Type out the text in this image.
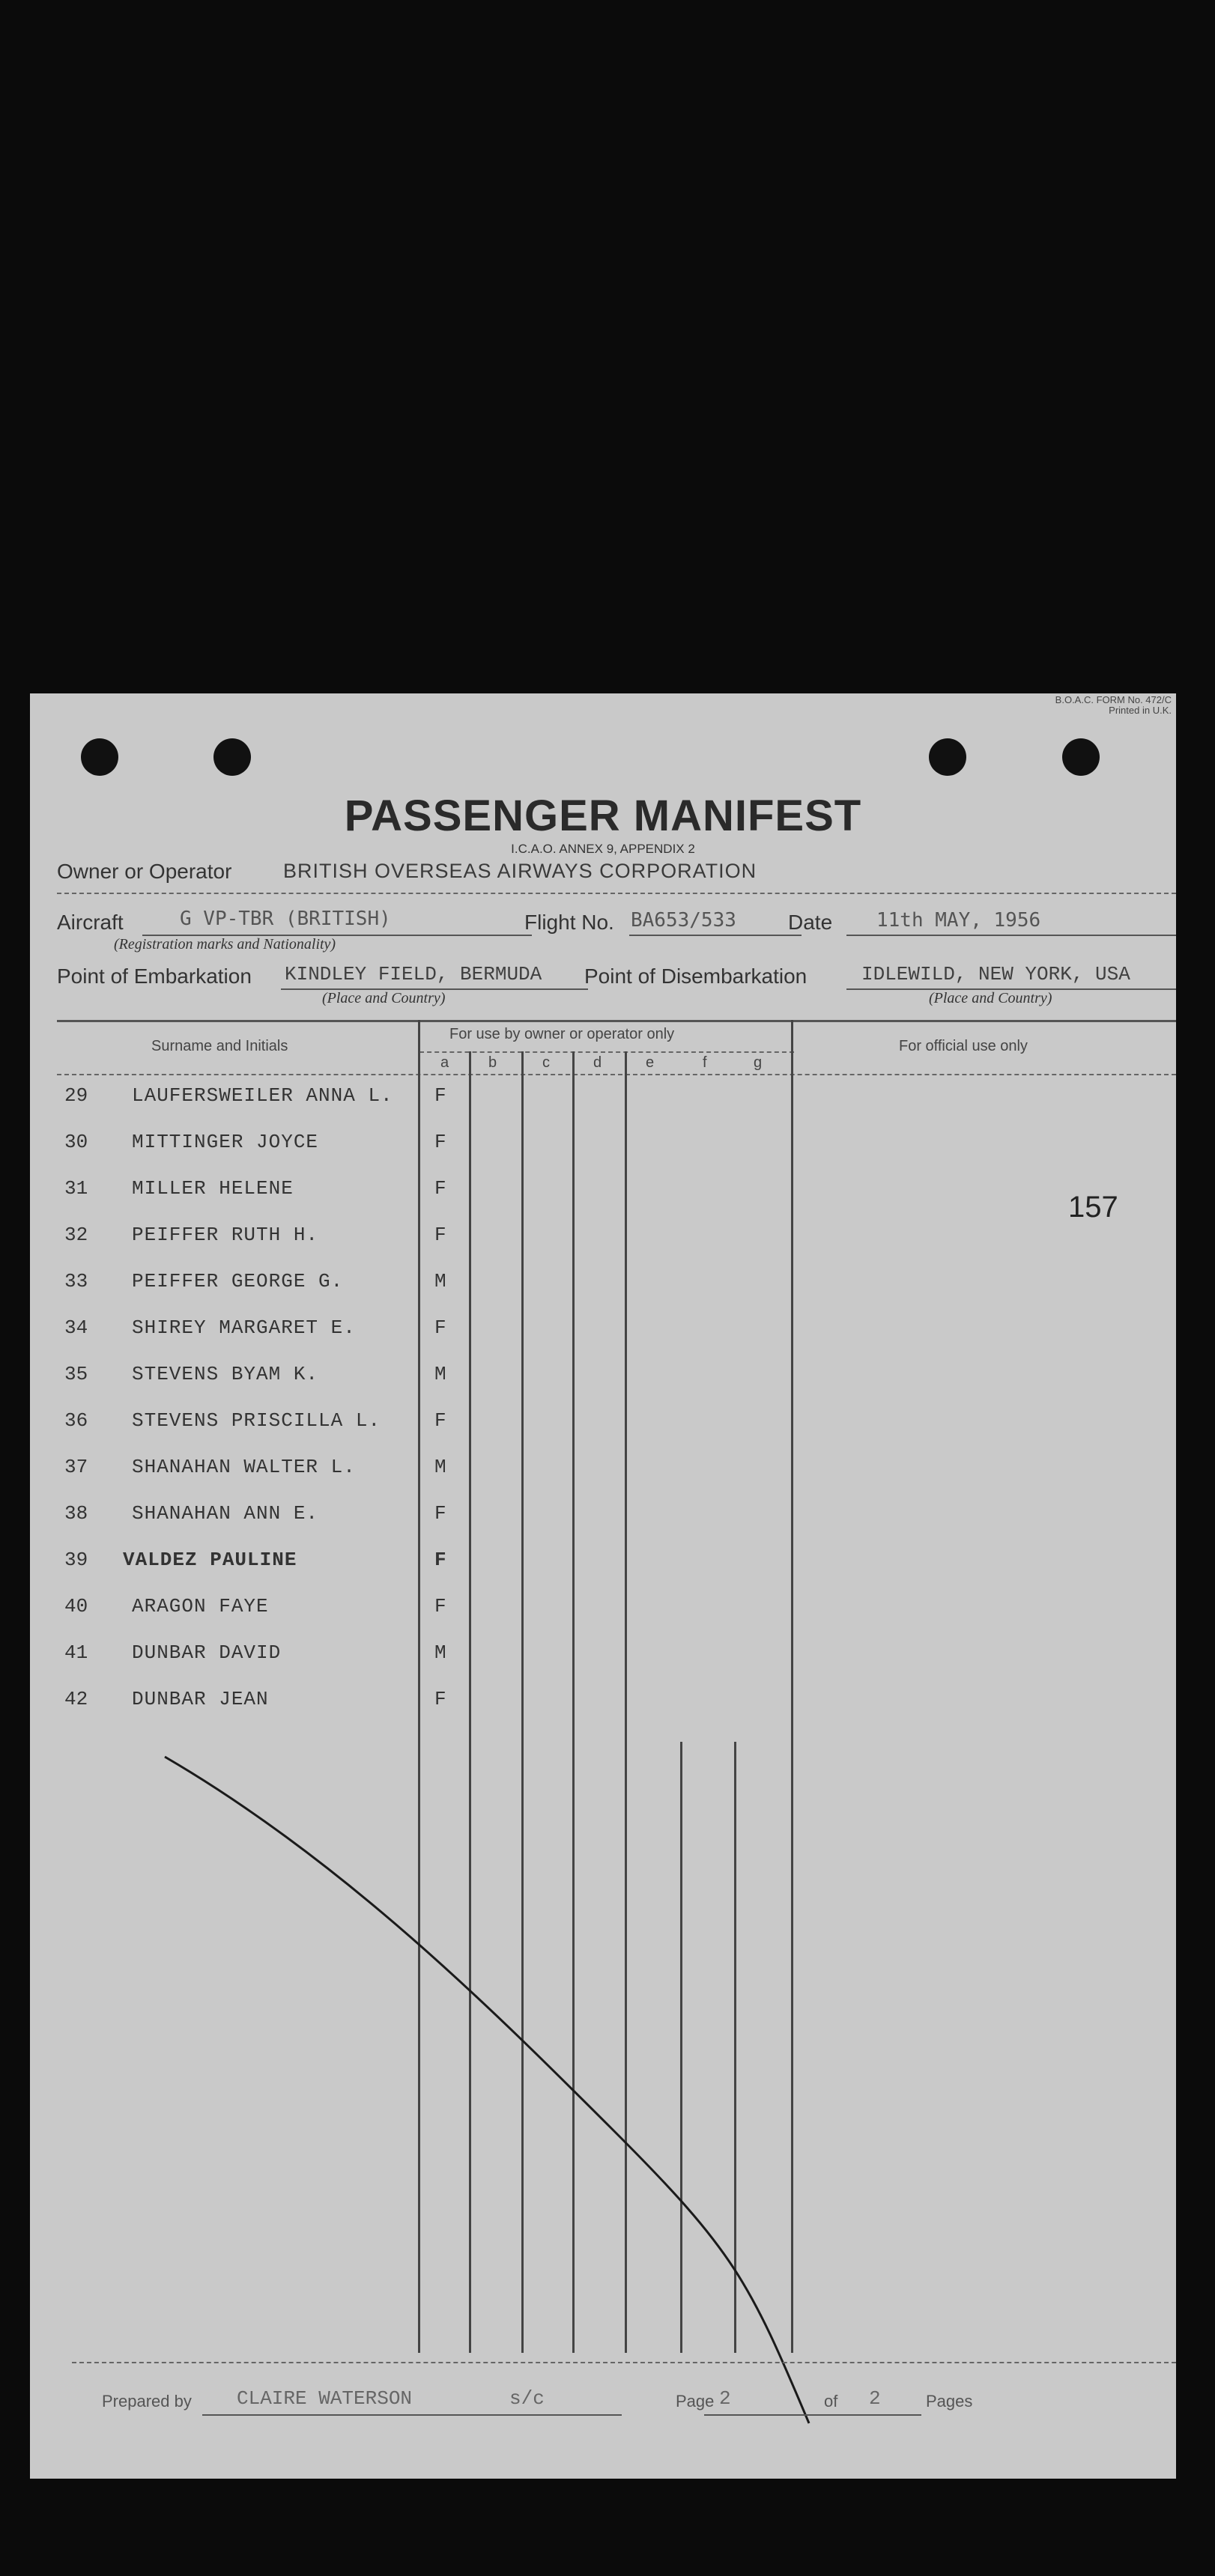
B.O.A.C. FORM No. 472/C
Printed in U.K.
PASSENGER MANIFEST
I.C.A.O. ANNEX 9, APPENDIX 2
Owner or Operator	BRITISH OVERSEAS AIRWAYS CORPORATION
Aircraft	G VP-TBR (BRITISH)
(Registration marks and Nationality)
Flight No. BA653/533 Date 11th MAY, 1956
Point of Embarkation KINDLEY FIELD, BERMUDA
(Place and Country)
Point of Disembarkation	IDLEWILD, NEW YORK, USA
(Place and Country)
Surname and Initials
For use by owner or operator only
For official use only
a	b	c	d	e	f	g
29 LAUFERSWEILER ANNA L. F
30 MITTINGER JOYCE	F
31 MILLER HELENE	F
32 PEIFFER RUTH H.	F
33 PEIFFER GEORGE G.	M
34 SHIREY MARGARET E.	F
35 STEVENS BYAM K.	M
36 STEVENS PRISCILLA L.	F
37 SHANAHAN WALTER L.	M
38 SHANAHAN ANN E.	F
39 VALDEZ PAULINE	F
40 ARAGON FAYE	F
41 DUNBAR DAVID	M
42 DUNBAR JEAN	F
157
Prepared by CLAIRE WATERSON	s/c	Page 2	of 2	Pages
